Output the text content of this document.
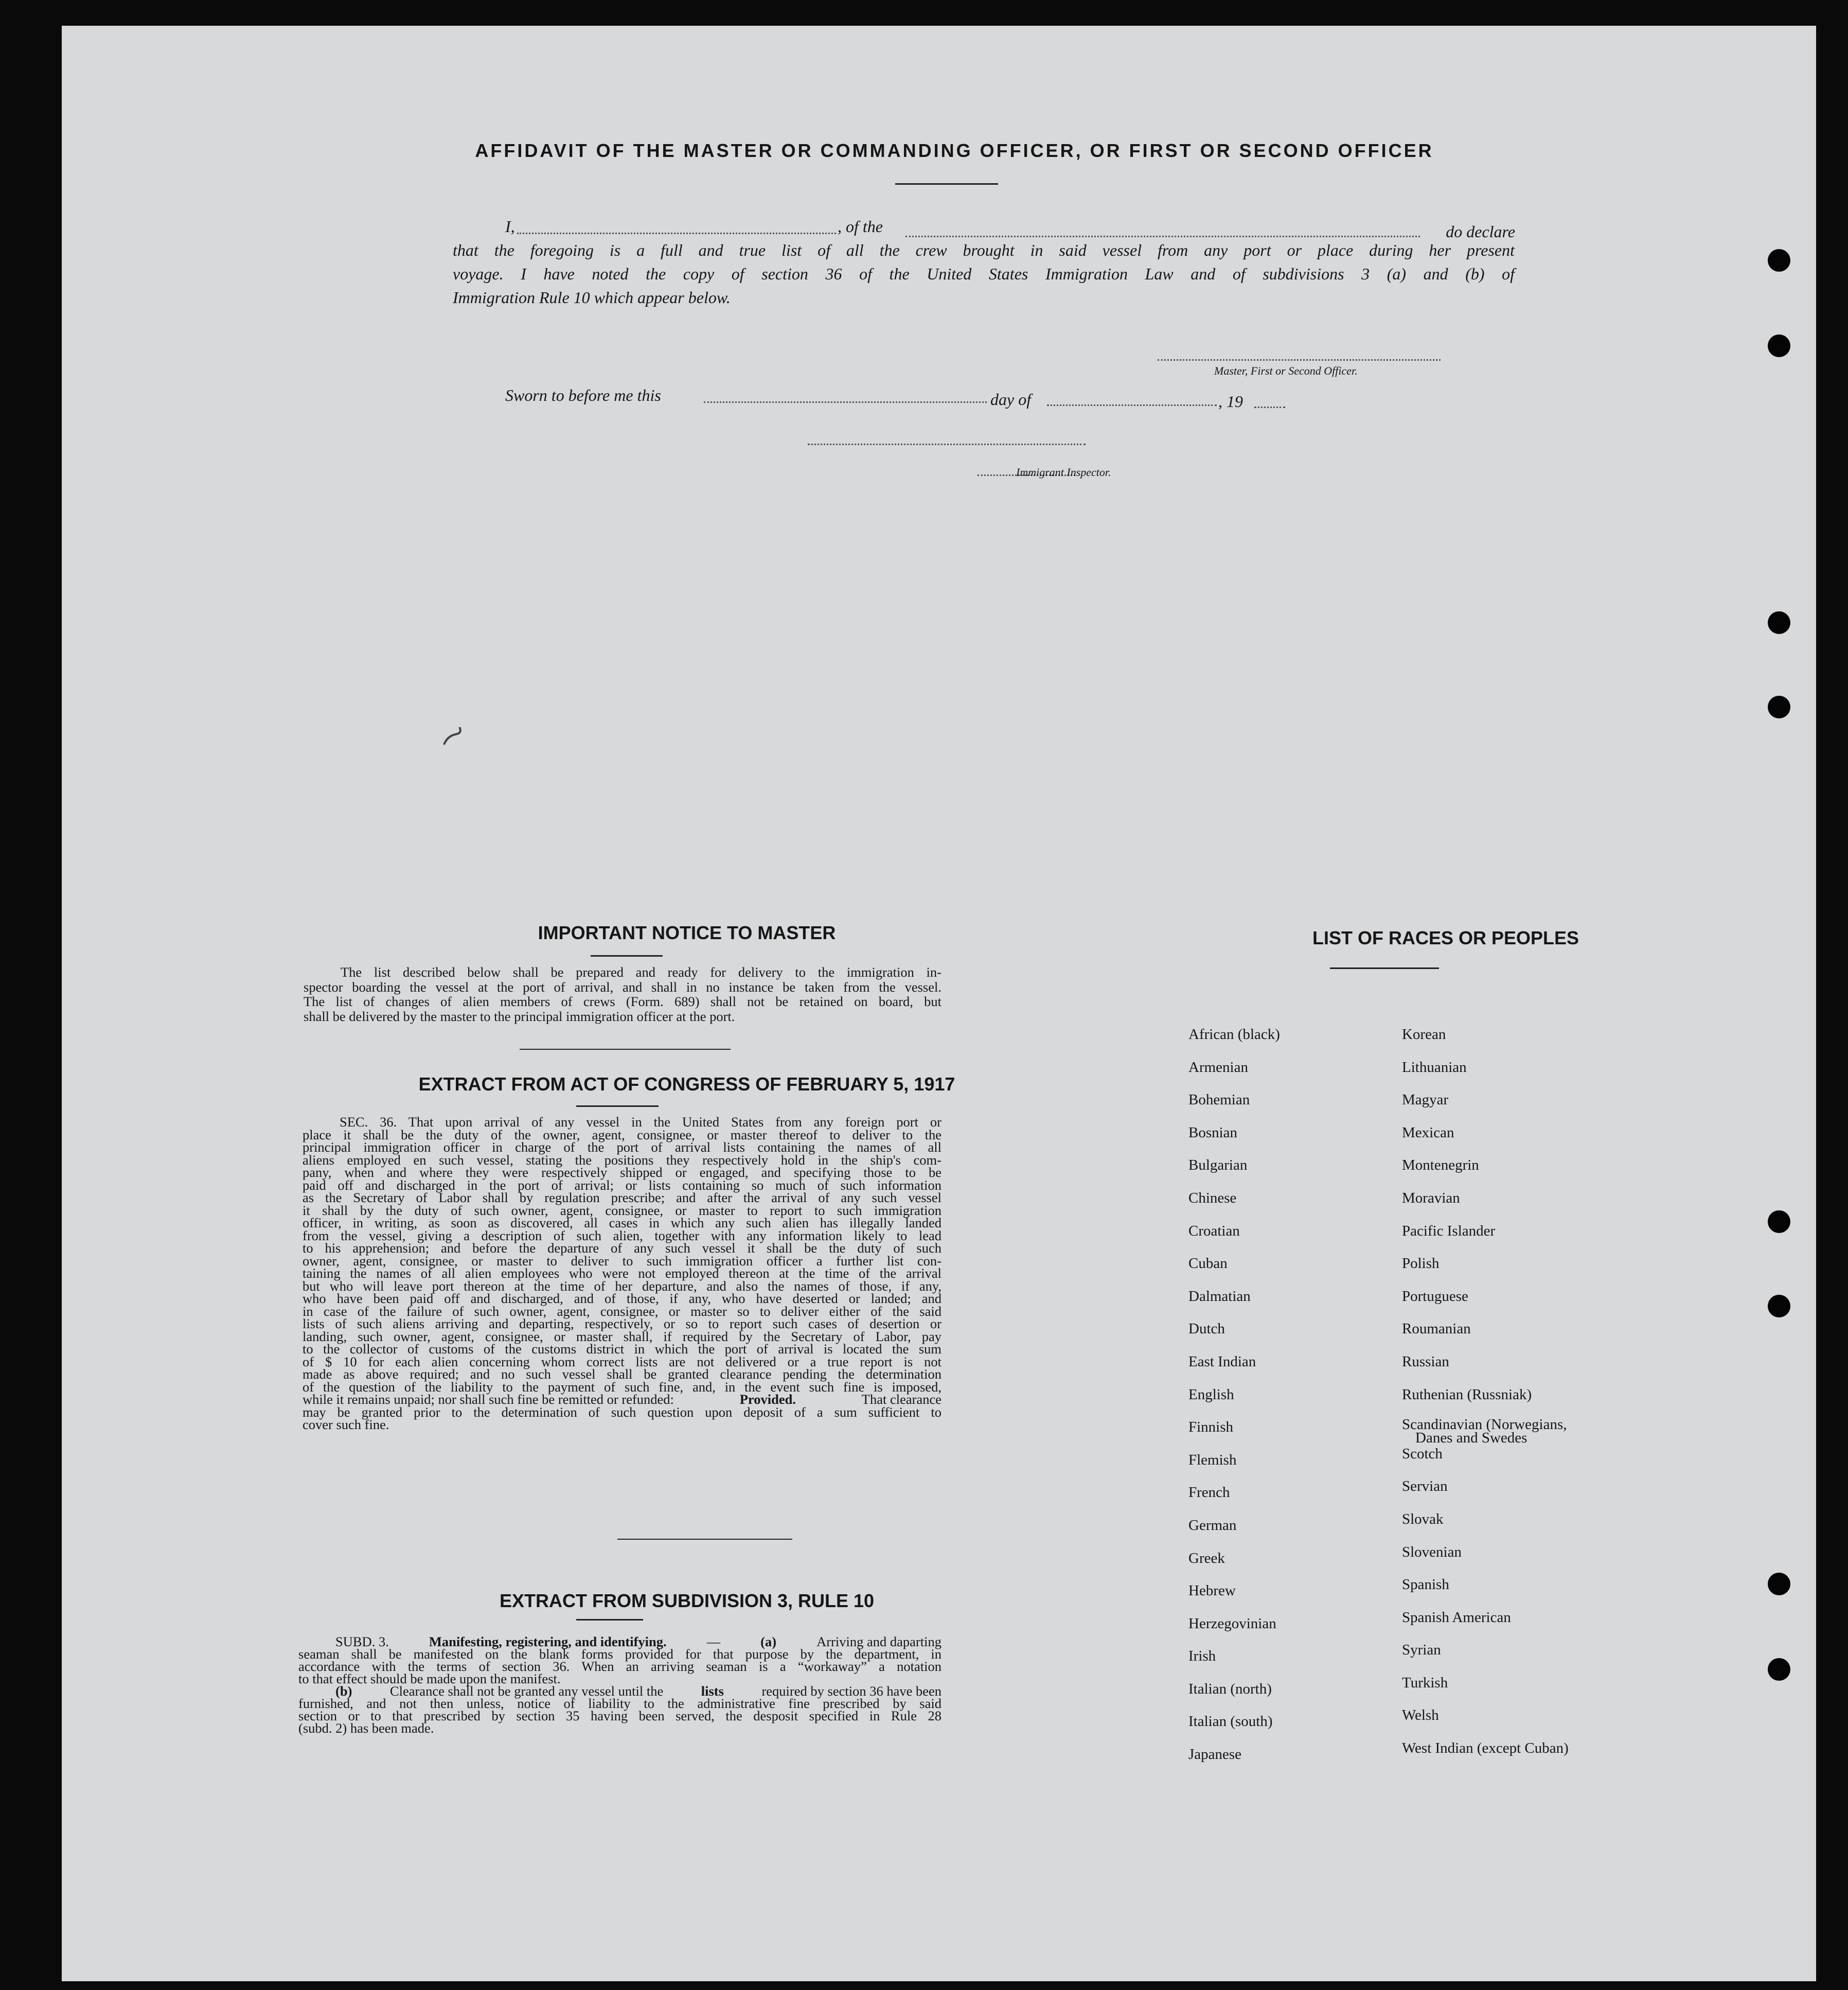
AFFIDAVIT OF THE MASTER OR COMMANDING OFFICER, OR FIRST OR SECOND OFFICER
I,	, of the	do declare
that the foregoing is a full and true list of all the crew brought in said vessel from any port or place during her present
voyage. I have noted the copy of section 36 of the United States Immigration Law and of subdivisions 3 (a) and (b) of
Immigration Rule 10 which appear below.
Master, First or Second Officer.
Sworn to before me this	day of	, 19
Immigrant Inspector.
IMPORTANT NOTICE TO MASTER
The list described below shall be prepared and ready for delivery to the immigration in-
spector boarding the vessel at the port of arrival, and shall in no instance be taken from the vessel.
The list of changes of alien members of crews (Form. 689) shall not be retained on board, but
shall be delivered by the master to the principal immigration officer at the port.
EXTRACT FROM ACT OF CONGRESS OF FEBRUARY 5, 1917
SEC. 36. That upon arrival of any vessel in the United States from any foreign port or
place it shall be the duty of the owner, agent, consignee, or master thereof to deliver to the
principal immigration officer in charge of the port of arrival lists containing the names of all
aliens employed en such vessel, stating the positions they respectively hold in the ship's com-
pany, when and where they were respectively shipped or engaged, and specifying those to be
paid off and discharged in the port of arrival; or lists containing so much of such information
as the Secretary of Labor shall by regulation prescribe; and after the arrival of any such vessel
it shall by the duty of such owner, agent, consignee, or master to report to such immigration
officer, in writing, as soon as discovered, all cases in which any such alien has illegally landed
from the vessel, giving a description of such alien, together with any information likely to lead
to his apprehension; and before the departure of any such vessel it shall be the duty of such
owner, agent, consignee, or master to deliver to such immigration officer a further list con-
taining the names of all alien employees who were not employed thereon at the time of the arrival
but who will leave port thereon at the time of her departure, and also the names of those, if any,
who have been paid off and discharged, and of those, if any, who have deserted or landed; and
in case of the failure of such owner, agent, consignee, or master so to deliver either of the said
lists of such aliens arriving and departing, respectively, or so to report such cases of desertion or
landing, such owner, agent, consignee, or master shall, if required by the Secretary of Labor, pay
to the collector of customs of the customs district in which the port of arrival is located the sum
of $ 10 for each alien concerning whom correct lists are not delivered or a true report is not
made as above required; and no such vessel shall be granted clearance pending the determination
of the question of the liability to the payment of such fine, and, in the event such fine is imposed,
while it remains unpaid; nor shall such fine be remitted or refunded:	Provided.	That clearance
may be granted prior to the determination of such question upon deposit of a sum sufficient to
cover such fine.
EXTRACT FROM SUBDIVISION 3, RULE 10
SUBD. 3.	Manifesting, registering, and identifying.	—	(a)	Arriving and daparting
seaman shall be manifested on the blank forms provided for that purpose by the department, in
accordance with the terms of section 36. When an arriving seaman is a “workaway” a notation
to that effect should be made upon the manifest.
(b)	Clearance shall not be granted any vessel until the	lists	required by section 36 have been
furnished, and not then unless, notice of liability to the administrative fine prescribed by said
section or to that prescribed by section 35 having been served, the desposit specified in Rule 28
(subd. 2) has been made.
LIST OF RACES OR PEOPLES
African (black)
Armenian
Bohemian
Bosnian
Bulgarian
Chinese
Croatian
Cuban
Dalmatian
Dutch
East Indian
English
Finnish
Flemish
French
German
Greek
Hebrew
Herzegovinian
Irish
Italian (north)
Italian (south)
Japanese
Korean
Lithuanian
Magyar
Mexican
Montenegrin
Moravian
Pacific Islander
Polish
Portuguese
Roumanian
Russian
Ruthenian (Russniak)
Scandinavian (Norwegians,
Danes and Swedes
Scotch
Servian
Slovak
Slovenian
Spanish
Spanish American
Syrian
Turkish
Welsh
West Indian (except Cuban)
